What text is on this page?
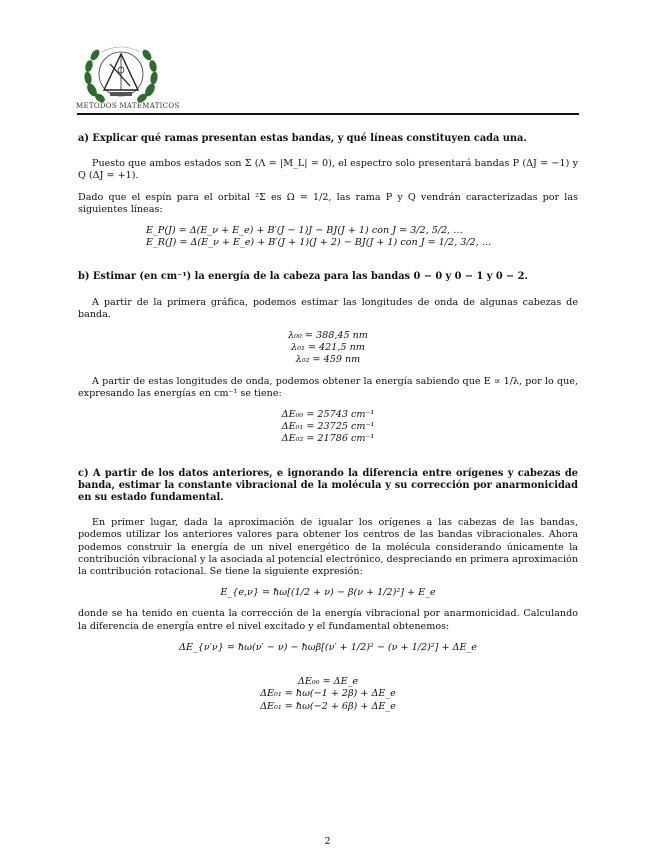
METODOS MATEMATICOS

a) Explicar qué ramas presentan estas bandas, y qué líneas constituyen cada una.

Puesto que ambos estados son Σ (Λ = |M_L| = 0), el espectro solo presentará bandas P (ΔJ = −1) y Q (ΔJ = +1).

Dado que el espín para el orbital ²Σ es Ω = 1/2, las rama P y Q vendrán caracterizadas por las siguientes líneas:

E_P(J) = Δ(E_ν + E_e) + B′(J − 1)J − BJ(J + 1) con J = 3/2, 5/2, …

E_R(J) = Δ(E_ν + E_e) + B′(J + 1)(J + 2) − BJ(J + 1) con J = 1/2, 3/2, …

b) Estimar (en cm⁻¹) la energía de la cabeza para las bandas 0 − 0 y 0 − 1 y 0 − 2.

A partir de la primera gráfica, podemos estimar las longitudes de onda de algunas cabezas de banda.

λ₀₀ = 388,45 nm

λ₀₁ = 421,5 nm

λ₀₂ = 459 nm

A partir de estas longitudes de onda, podemos obtener la energía sabiendo que E ∝ 1/λ, por lo que, expresando las energías en cm⁻¹ se tiene:

ΔE₀₀ = 25743 cm⁻¹

ΔE₀₁ = 23725 cm⁻¹

ΔE₀₂ = 21786 cm⁻¹

c) A partir de los datos anteriores, e ignorando la diferencia entre orígenes y cabezas de banda, estimar la constante vibracional de la molécula y su corrección por anarmonicidad en su estado fundamental.

En primer lugar, dada la aproximación de igualar los orígenes a las cabezas de las bandas, podemos utilizar los anteriores valores para obtener los centros de las bandas vibracionales. Ahora podemos construir la energía de un nivel energético de la molécula considerando únicamente la contribución vibracional y la asociada al potencial electrónico, despreciando en primera aproximación la contribución rotacional. Se tiene la siguiente expresión:

E_{e,ν} = ħω[(1/2 + ν) − β(ν + 1/2)²] + E_e

donde se ha tenido en cuenta la corrección de la energía vibracional por anarmonicidad. Calculando la diferencia de energía entre el nivel excitado y el fundamental obtenemos:

ΔE_{ν′ν} = ħω(ν′ − ν) − ħωβ[(ν′ + 1/2)² − (ν + 1/2)²] + ΔE_e

ΔE₀₀ = ΔE_e

ΔE₀₁ = ħω(−1 + 2β) + ΔE_e

ΔE₀₁ = ħω(−2 + 6β) + ΔE_e

2
